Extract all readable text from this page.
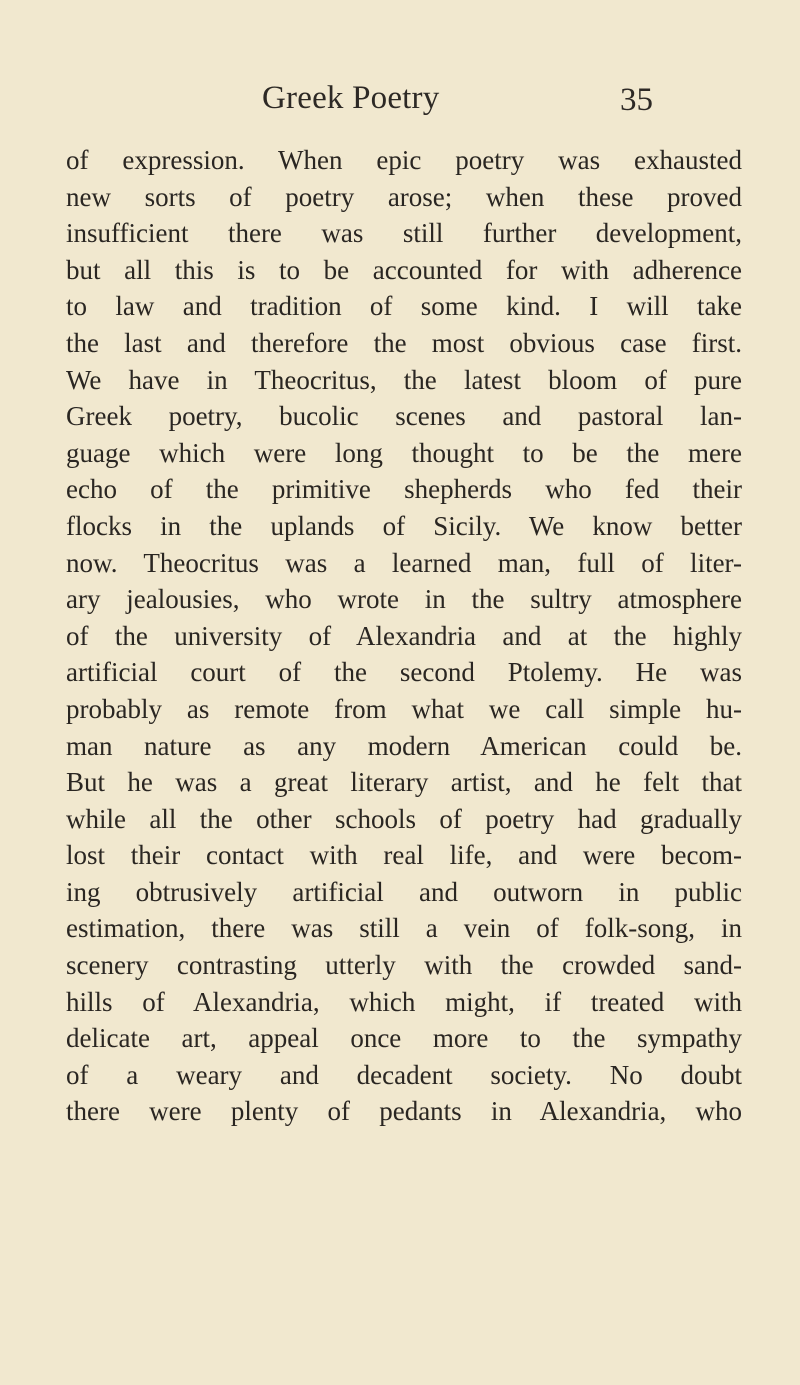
Greek Poetry	35
of expression. When epic poetry was exhausted
new sorts of poetry arose; when these proved
insufficient there was still further development,
but all this is to be accounted for with adherence
to law and tradition of some kind. I will take
the last and therefore the most obvious case first.
We have in Theocritus, the latest bloom of pure
Greek poetry, bucolic scenes and pastoral lan-
guage which were long thought to be the mere
echo of the primitive shepherds who fed their
flocks in the uplands of Sicily. We know better
now. Theocritus was a learned man, full of liter-
ary jealousies, who wrote in the sultry atmosphere
of the university of Alexandria and at the highly
artificial court of the second Ptolemy. He was
probably as remote from what we call simple hu-
man nature as any modern American could be.
But he was a great literary artist, and he felt that
while all the other schools of poetry had gradually
lost their contact with real life, and were becom-
ing obtrusively artificial and outworn in public
estimation, there was still a vein of folk-song, in
scenery contrasting utterly with the crowded sand-
hills of Alexandria, which might, if treated with
delicate art, appeal once more to the sympathy
of a weary and decadent society. No doubt
there were plenty of pedants in Alexandria, who
